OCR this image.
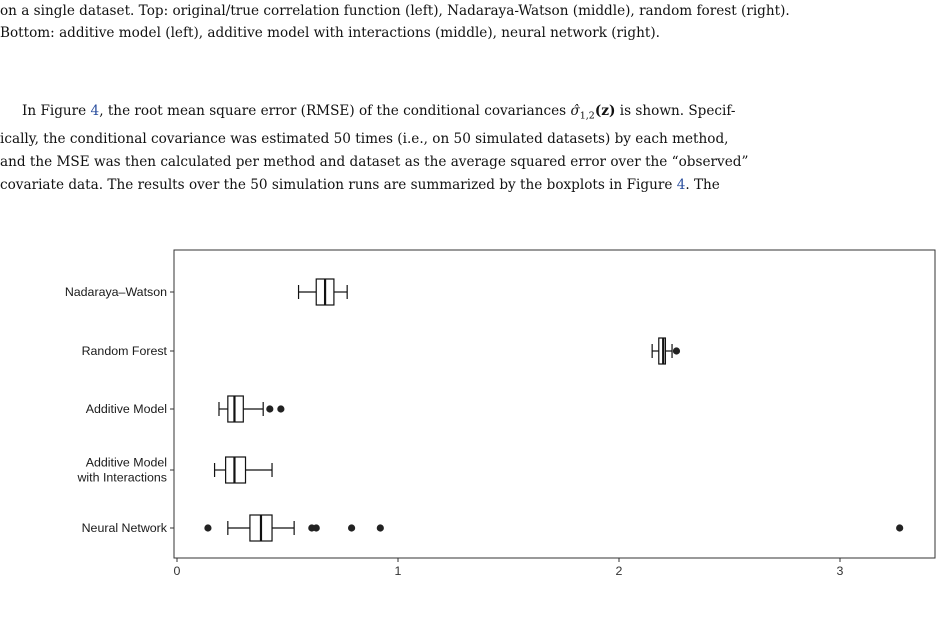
on a single dataset. Top: original/true correlation function (left), Nadaraya-Watson (middle), random forest (right).
Bottom: additive model (left), additive model with interactions (middle), neural network (right).
In Figure 4, the root mean square error (RMSE) of the conditional covariances $\sigmâ_{1,2}(z)$ is shown. Specif-
ically, the conditional covariance was estimated 50 times (i.e., on 50 simulated datasets) by each method,
and the MSE was then calculated per method and dataset as the average squared error over the “observed”
covariate data. The results over the 50 simulation runs are summarized by the boxplots in Figure 4. The
Nadaraya–Watson
Random Forest
Additive Model
Additive Model with Interactions
Neural Network
0	1	2	3
